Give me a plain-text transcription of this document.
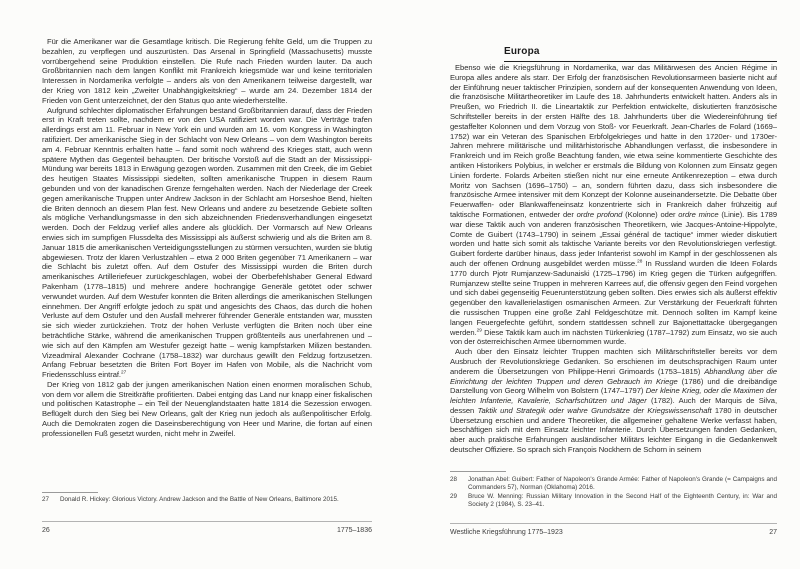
Für die Amerikaner war die Gesamtlage kritisch. Die Regierung fehlte Geld, um die Truppen zu bezahlen, zu verpflegen und auszurüsten. Das Arsenal in Springfield (Massachusetts) musste vorrübergehend seine Produktion einstellen. Die Rufe nach Frieden wurden lauter. Da auch Großbritannien nach dem langen Konflikt mit Frankreich kriegsmüde war und keine territorialen Interessen in Nordamerika verfolgte – anders als von den Amerikanern teilweise dargestellt, war der Krieg von 1812 kein „Zweiter Unabhängigkeitskrieg“ – wurde am 24. Dezember 1814 der Frieden von Gent unterzeichnet, der den Status quo ante wiederherstellte.

Aufgrund schlechter diplomatischer Erfahrungen bestand Großbritannien darauf, dass der Frieden erst in Kraft treten sollte, nachdem er von den USA ratifiziert worden war. Die Verträge trafen allerdings erst am 11. Februar in New York ein und wurden am 16. vom Kongress in Washington ratifiziert. Der amerikanische Sieg in der Schlacht von New Orleans – von dem Washington bereits am 4. Februar Kenntnis erhalten hatte – fand somit noch während des Krieges statt, auch wenn spätere Mythen das Gegenteil behaupten. Der britische Vorstoß auf die Stadt an der Mississippi-Mündung war bereits 1813 in Erwägung gezogen worden. Zusammen mit den Creek, die im Gebiet des heutigen Staates Mississippi siedelten, sollten amerikanische Truppen in diesem Raum gebunden und von der kanadischen Grenze ferngehalten werden. Nach der Niederlage der Creek gegen amerikanische Truppen unter Andrew Jackson in der Schlacht am Horseshoe Bend, hielten die Briten dennoch an diesem Plan fest. New Orleans und andere zu besetzende Gebiete sollten als mögliche Verhandlungsmasse in den sich abzeichnenden Friedensverhandlungen eingesetzt werden. Doch der Feldzug verlief alles andere als glücklich. Der Vormarsch auf New Orleans erwies sich im sumpfigen Flussdelta des Mississippi als äußerst schwierig und als die Briten am 8. Januar 1815 die amerikanischen Verteidigungsstellungen zu stürmen versuchten, wurden sie blutig abgewiesen. Trotz der klaren Verlustzahlen – etwa 2 000 Briten gegenüber 71 Amerikanern – war die Schlacht bis zuletzt offen. Auf dem Ostufer des Mississippi wurden die Briten durch amerikanisches Artilleriefeuer zurückgeschlagen, wobei der Oberbefehlshaber General Edward Pakenham (1778–1815) und mehrere andere hochrangige Generäle getötet oder schwer verwundet wurden. Auf dem Westufer konnten die Briten allerdings die amerikanischen Stellungen einnehmen. Der Angriff erfolgte jedoch zu spät und angesichts des Chaos, das durch die hohen Verluste auf dem Ostufer und den Ausfall mehrerer führender Generäle entstanden war, mussten sie sich wieder zurückziehen. Trotz der hohen Verluste verfügten die Briten noch über eine beträchtliche Stärke, während die amerikanischen Truppen größtenteils aus unerfahrenen und – wie sich auf den Kämpfen am Westufer gezeigt hatte – wenig kampfstarken Milizen bestanden. Vizeadmiral Alexander Cochrane (1758–1832) war durchaus gewillt den Feldzug fortzusetzen. Anfang Februar besetzten die Briten Fort Boyer im Hafen von Mobile, als die Nachricht vom Friedensschluss eintraf.$^{27}$

Der Krieg von 1812 gab der jungen amerikanischen Nation einen enormen moralischen Schub, von dem vor allem die Streitkräfte profitierten. Dabei entging das Land nur knapp einer fiskalischen und politischen Katastrophe – ein Teil der Neuenglandstaaten hatte 1814 die Sezession erwogen. Beflügelt durch den Sieg bei New Orleans, galt der Krieg nun jedoch als außenpolitischer Erfolg. Auch die Demokraten zogen die Daseinsberechtigung von Heer und Marine, die fortan auf einen professionellen Fuß gesetzt wurden, nicht mehr in Zweifel.

27	Donald R. Hickey: Glorious Victory. Andrew Jackson and the Battle of New Orleans, Baltimore 2015.
26	1775–1836
Europa

Ebenso wie die Kriegsführung in Nordamerika, war das Militärwesen des Ancien Régime in Europa alles andere als starr. Der Erfolg der französischen Revolutionsarmeen basierte nicht auf der Einführung neuer taktischer Prinzipien, sondern auf der konsequenten Anwendung von Ideen, die französische Militärtheoretiker im Laufe des 18. Jahrhunderts entwickelt hatten. Anders als in Preußen, wo Friedrich II. die Lineartaktik zur Perfektion entwickelte, diskutierten französische Schriftsteller bereits in der ersten Hälfte des 18. Jahrhunderts über die Wiedereinführung tief gestaffelter Kolonnen und dem Vorzug von Stoß- vor Feuerkraft. Jean-Charles de Folard (1669–1752) war ein Veteran des Spanischen Erbfolgekrieges und hatte in den 1720er- und 1730er-Jahren mehrere militärische und militärhistorische Abhandlungen verfasst, die insbesondere in Frankreich und im Reich große Beachtung fanden, wie etwa seine kommentierte Geschichte des antiken Historikers Polybius, in welcher er erstmals die Bildung von Kolonnen zum Einsatz gegen Linien forderte. Folards Arbeiten stießen nicht nur eine erneute Antikenrezeption – etwa durch Moritz von Sachsen (1696–1750) – an, sondern führten dazu, dass sich insbesondere die französische Armee intensiver mit dem Konzept der Kolonne auseinandersetzte. Die Debatte über Feuerwaffen- oder Blankwaffeneinsatz konzentrierte sich in Frankreich daher frühzeitig auf taktische Formationen, entweder der ordre profond (Kolonne) oder ordre mince (Linie). Bis 1789 war diese Taktik auch von anderen französischen Theoretikern, wie Jacques-Antoine-Hippolyte, Comte de Guibert (1743–1790) in seinem „Essai général de tactique“ immer wieder diskutiert worden und hatte sich somit als taktische Variante bereits vor den Revolutionskriegen verfestigt. Guibert forderte darüber hinaus, dass jeder Infanterist sowohl im Kampf in der geschlossenen als auch der offenen Ordnung ausgebildet werden müsse.$^{28}$ In Russland wurden die Ideen Folards 1770 durch Pjotr Rumjanzew-Sadunaiski (1725–1796) im Krieg gegen die Türken aufgegriffen. Rumjanzew stellte seine Truppen in mehreren Karrees auf, die offensiv gegen den Feind vorgehen und sich dabei gegenseitig Feuerunterstützung geben sollten. Dies erwies sich als äußerst effektiv gegenüber den kavallerielastigen osmanischen Armeen. Zur Verstärkung der Feuerkraft führten die russischen Truppen eine große Zahl Feldgeschütze mit. Dennoch sollten im Kampf keine langen Feuergefechte geführt, sondern stattdessen schnell zur Bajonettattacke übergegangen werden.$^{29}$ Diese Taktik kam auch im nächsten Türkenkrieg (1787–1792) zum Einsatz, wo sie auch von der österreichischen Armee übernommen wurde.

Auch über den Einsatz leichter Truppen machten sich Militärschriftsteller bereits vor dem Ausbruch der Revolutionskriege Gedanken. So erschienen im deutschsprachigen Raum unter anderem die Übersetzungen von Philippe-Henri Grimoards (1753–1815) Abhandlung über die Einrichtung der leichten Truppen und deren Gebrauch im Kriege (1786) und die dreibändige Darstellung von Georg Wilhelm von Bolstern (1747–1797) Der kleine Krieg, oder die Maximen der leichten Infanterie, Kavalerie, Scharfschützen und Jäger (1782). Auch der Marquis de Silva, dessen Taktik und Strategik oder wahre Grundsätze der Kriegswissenschaft 1780 in deutscher Übersetzung erschien und andere Theoretiker, die allgemeiner gehaltene Werke verfasst haben, beschäftigen sich mit dem Einsatz leichter Infanterie. Durch Übersetzungen fanden Gedanken, aber auch praktische Erfahrungen ausländischer Militärs leichter Eingang in die Gedankenwelt deutscher Offiziere. So sprach sich François Nockhern de Schorn in seinem

28	Jonathan Abel: Guibert: Father of Napoleon's Grande Armée: Father of Napoleon's Grande (= Campaigns and Commanders 57), Norman (Oklahoma) 2016.
29	Bruce W. Menning: Russian Military Innovation in the Second Half of the Eighteenth Century, in: War and Society 2 (1984), S. 23–41.
Westliche Kriegsführung 1775–1923	27
